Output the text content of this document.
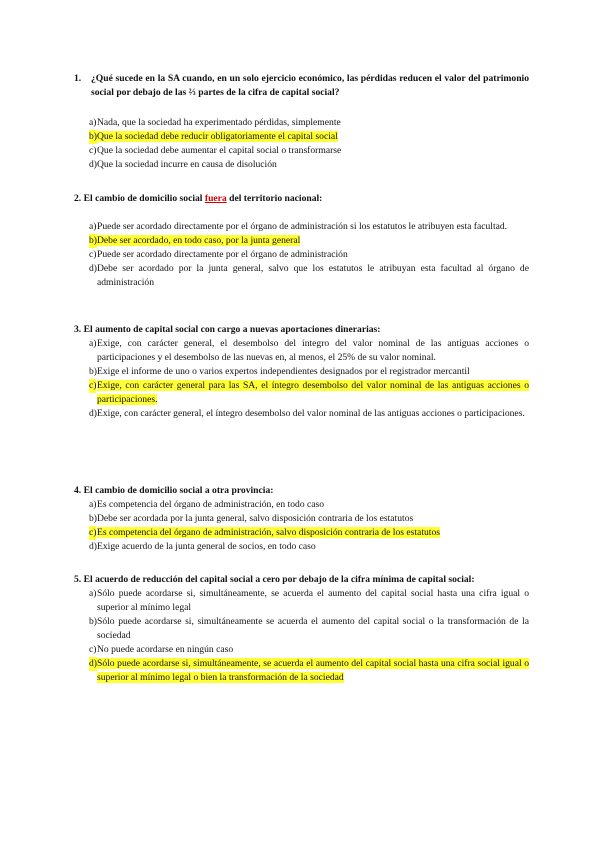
1. ¿Qué sucede en la SA cuando, en un solo ejercicio económico, las pérdidas reducen el valor del patrimonio social por debajo de las ⅔ partes de la cifra de capital social?
a) Nada, que la sociedad ha experimentado pérdidas, simplemente
b) Que la sociedad debe reducir obligatoriamente el capital social
c) Que la sociedad debe aumentar el capital social o transformarse
d) Que la sociedad incurre en causa de disolución
2. El cambio de domicilio social fuera del territorio nacional:
a) Puede ser acordado directamente por el órgano de administración si los estatutos le atribuyen esta facultad.
b) Debe ser acordado, en todo caso, por la junta general
c) Puede ser acordado directamente por el órgano de administración
d) Debe ser acordado por la junta general, salvo que los estatutos le atribuyan esta facultad al órgano de administración
3. El aumento de capital social con cargo a nuevas aportaciones dinerarias:
a) Exige, con carácter general, el desembolso del íntegro del valor nominal de las antiguas acciones o participaciones y el desembolso de las nuevas en, al menos, el 25% de su valor nominal.
b) Exige el informe de uno o varios expertos independientes designados por el registrador mercantil
c) Exige, con carácter general para las SA, el íntegro desembolso del valor nominal de las antiguas acciones o participaciones.
d) Exige, con carácter general, el íntegro desembolso del valor nominal de las antiguas acciones o participaciones.
4. El cambio de domicilio social a otra provincia:
a) Es competencia del órgano de administración, en todo caso
b) Debe ser acordada por la junta general, salvo disposición contraria de los estatutos
c) Es competencia del órgano de administración, salvo disposición contraria de los estatutos
d) Exige acuerdo de la junta general de socios, en todo caso
5. El acuerdo de reducción del capital social a cero por debajo de la cifra mínima de capital social:
a) Sólo puede acordarse si, simultáneamente, se acuerda el aumento del capital social hasta una cifra igual o superior al mínimo legal
b) Sólo puede acordarse si, simultáneamente se acuerda el aumento del capital social o la transformación de la sociedad
c) No puede acordarse en ningún caso
d) Sólo puede acordarse si, simultáneamente, se acuerda el aumento del capital social hasta una cifra social igual o superior al mínimo legal o bien la transformación de la sociedad
